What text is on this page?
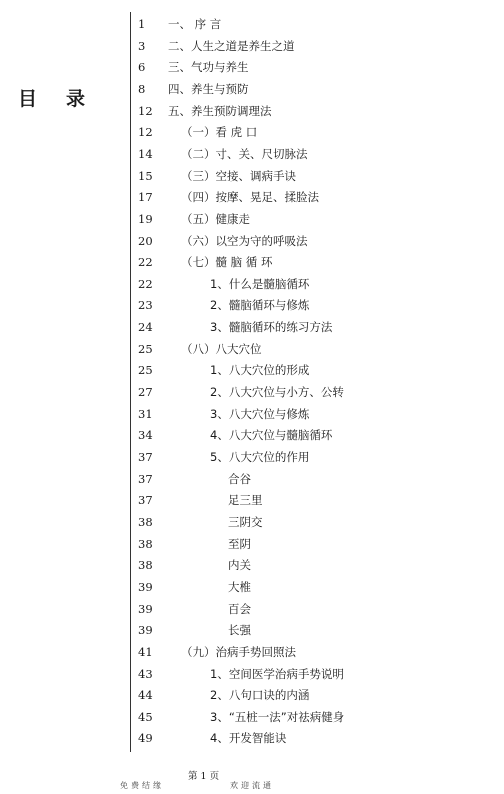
目 录
1 一、 序 言
3 二、人生之道是养生之道
6 三、气功与养生
8 四、养生与预防
12 五、养生预防调理法
12 （一）看 虎 口
14 （二）寸、关、尺切脉法
15 （三）空接、调病手诀
17 （四）按摩、晃足、揉脸法
19 （五）健康走
20 （六）以空为守的呼吸法
22 （七）髓 脑 循 环
22	1、什么是髓脑循环
23	2、髓脑循环与修炼
24	3、髓脑循环的练习方法
25 （八）八大穴位
25	1、八大穴位的形成
27	2、八大穴位与小方、公转
31	3、八大穴位与修炼
34	4、八大穴位与髓脑循环
37	5、八大穴位的作用
37	合谷
37	足三里
38	三阴交
38	至阴
38	内关
39	大椎
39	百会
39	长强
41 （九）治病手势回照法
43	1、空间医学治病手势说明
44	2、八句口诀的内涵
45	3、“五桩一法”对祛病健身
49	4、开发智能诀
第 1 页
免费结缘	欢迎流通
